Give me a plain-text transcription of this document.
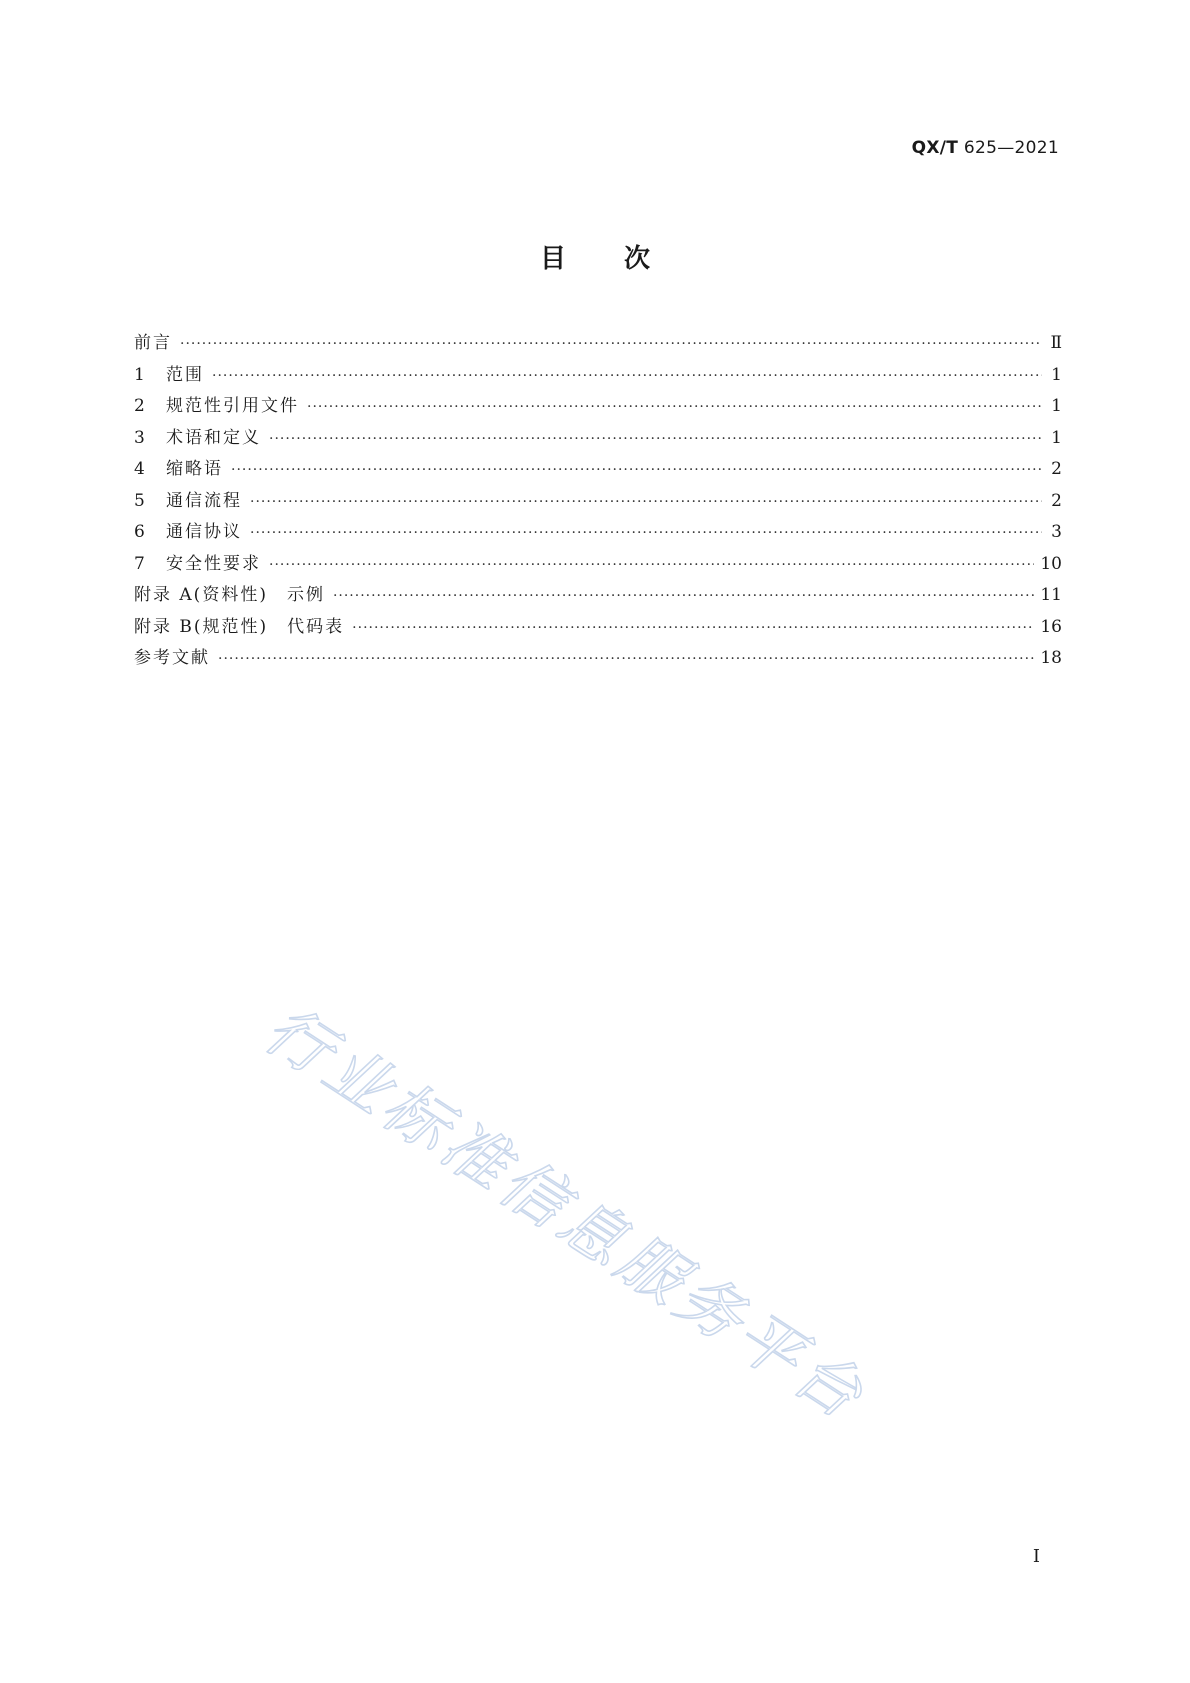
QX/T 625—2021
目次
前言 ·····	Ⅱ
1 范围 ·····	1
2 规范性引用文件 ·····	1
3 术语和定义 ·····	1
4 缩略语 ·····	2
5 通信流程 ·····	2
6 通信协议 ·····	3
7 安全性要求 ·····	10
附录 A(资料性)　示例 ·····	11
附录 B(规范性)　代码表 ·····	16
参考文献 ·····	18
行业标准信息服务平台
I
